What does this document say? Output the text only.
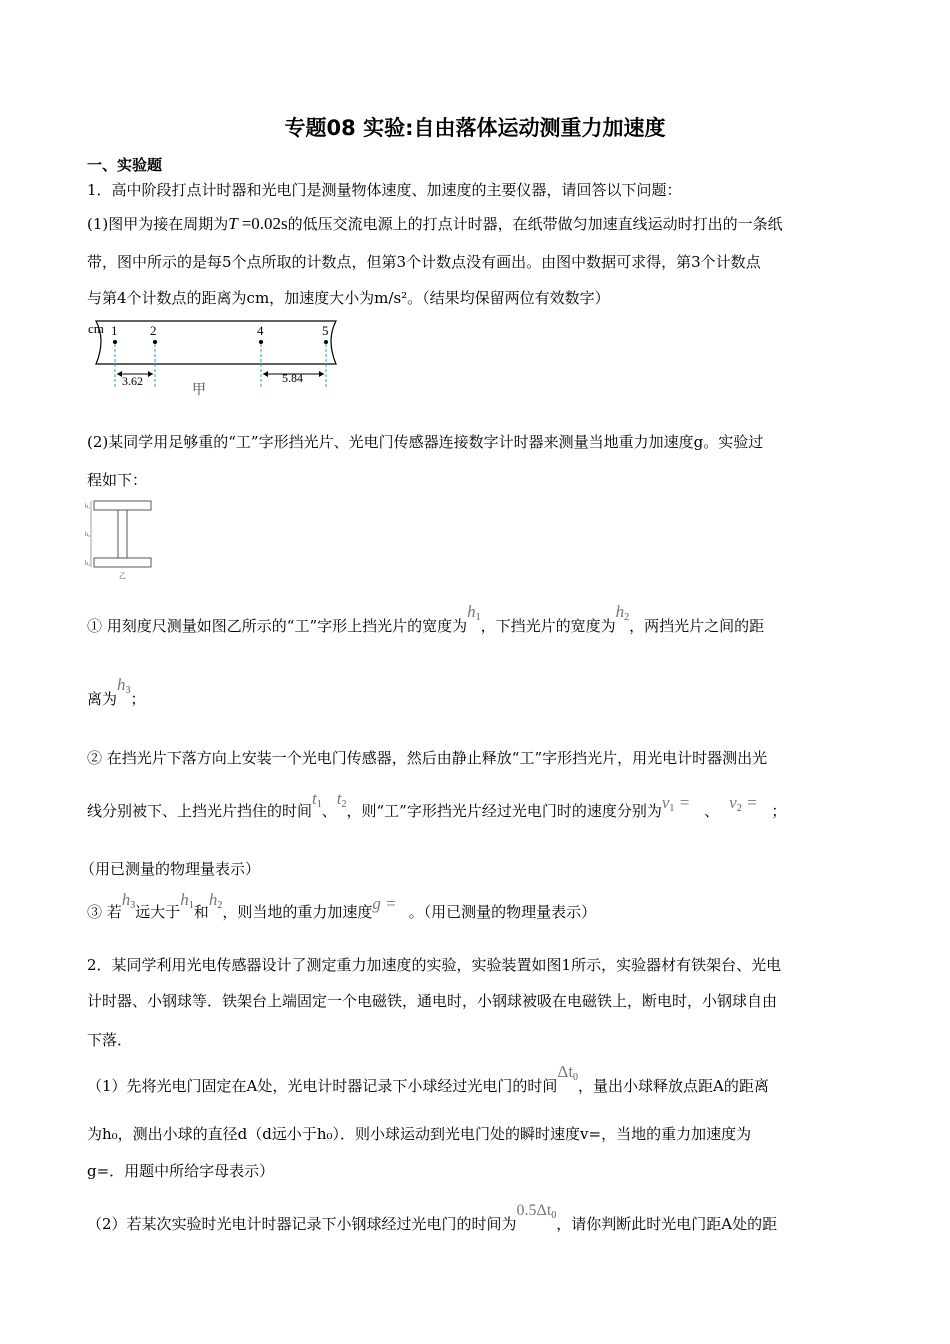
专题08 实验:自由落体运动测重力加速度
一、实验题
1．高中阶段打点计时器和光电门是测量物体速度、加速度的主要仪器，请回答以下问题：
(1)图甲为接在周期为T =0.02s的低压交流电源上的打点计时器，在纸带做匀加速直线运动时打出的一条纸
带，图中所示的是每5个点所取的计数点，但第3个计数点没有画出。由图中数据可求得，第3个计数点
与第4个计数点的距离为cm，加速度大小为m/s²。（结果均保留两位有效数字）
cm 1	2	4	5
3.62	5.84
甲
(2)某同学用足够重的“工”字形挡光片、光电门传感器连接数字计时器来测量当地重力加速度g。实验过
程如下：
h₁
h₃
h₂
乙
① 用刻度尺测量如图乙所示的“工”字形上挡光片的宽度为$h_1$，下挡光片的宽度为$h_2$，两挡光片之间的距
离为$h_3$；
② 在挡光片下落方向上安装一个光电门传感器，然后由静止释放“工”字形挡光片，用光电计时器测出光
线分别被下、上挡光片挡住的时间$t_1$、$t_2$，则“工”字形挡光片经过光电门时的速度分别为$v_1$ = 、 $v_2$ = ；
（用已测量的物理量表示）
③ 若$h_3$远大于$h_1$和$h_2$，则当地的重力加速度g = 。（用已测量的物理量表示）
2．某同学利用光电传感器设计了测定重力加速度的实验，实验装置如图1所示，实验器材有铁架台、光电
计时器、小钢球等．铁架台上端固定一个电磁铁，通电时，小钢球被吸在电磁铁上，断电时，小钢球自由
下落．
（1）先将光电门固定在A处，光电计时器记录下小球经过光电门的时间$\Delta t_0$，量出小球释放点距A的距离
为h₀，测出小球的直径d（d远小于h₀）．则小球运动到光电门处的瞬时速度v=，当地的重力加速度为
g=．用题中所给字母表示）
（2）若某次实验时光电计时器记录下小钢球经过光电门的时间为$0.5\Delta t_0$，请你判断此时光电门距A处的距
